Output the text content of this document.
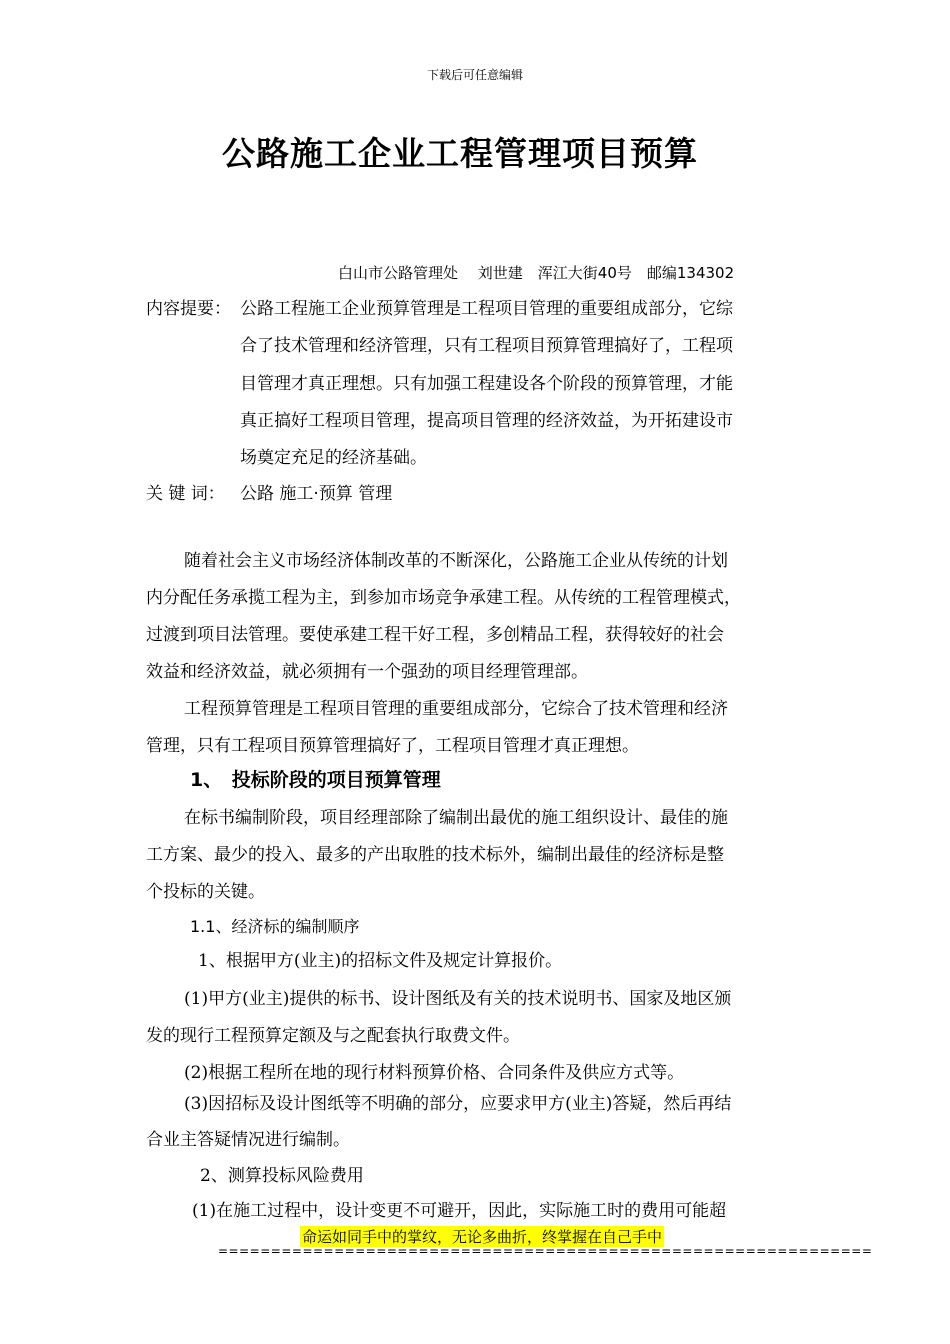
下载后可任意编辑
公路施工企业工程管理项目预算
白山市公路管理处　 刘世建　浑江大街40号　邮编134302
内容提要： 公路工程施工企业预算管理是工程项目管理的重要组成部分，它综
合了技术管理和经济管理，只有工程项目预算管理搞好了，工程项
目管理才真正理想。只有加强工程建设各个阶段的预算管理，才能
真正搞好工程项目管理，提高项目管理的经济效益，为开拓建设市
场奠定充足的经济基础。
关 键 词： 公路 施工·预算 管理
随着社会主义市场经济体制改革的不断深化，公路施工企业从传统的计划
内分配任务承揽工程为主，到参加市场竞争承建工程。从传统的工程管理模式，
过渡到项目法管理。要使承建工程干好工程，多创精品工程，获得较好的社会
效益和经济效益，就必须拥有一个强劲的项目经理管理部。
工程预算管理是工程项目管理的重要组成部分，它综合了技术管理和经济
管理，只有工程项目预算管理搞好了，工程项目管理才真正理想。
1、　投标阶段的项目预算管理
在标书编制阶段，项目经理部除了编制出最优的施工组织设计、最佳的施
工方案、最少的投入、最多的产出取胜的技术标外，编制出最佳的经济标是整
个投标的关键。
1.1、经济标的编制顺序
1、根据甲方(业主)的招标文件及规定计算报价。
(1)甲方(业主)提供的标书、设计图纸及有关的技术说明书、国家及地区颁
发的现行工程预算定额及与之配套执行取费文件。
(2)根据工程所在地的现行材料预算价格、合同条件及供应方式等。
(3)因招标及设计图纸等不明确的部分，应要求甲方(业主)答疑，然后再结
合业主答疑情况进行编制。
2、测算投标风险费用
(1)在施工过程中，设计变更不可避开，因此，实际施工时的费用可能超
命运如同手中的掌纹，无论多曲折，终掌握在自己手中
==============================================================
